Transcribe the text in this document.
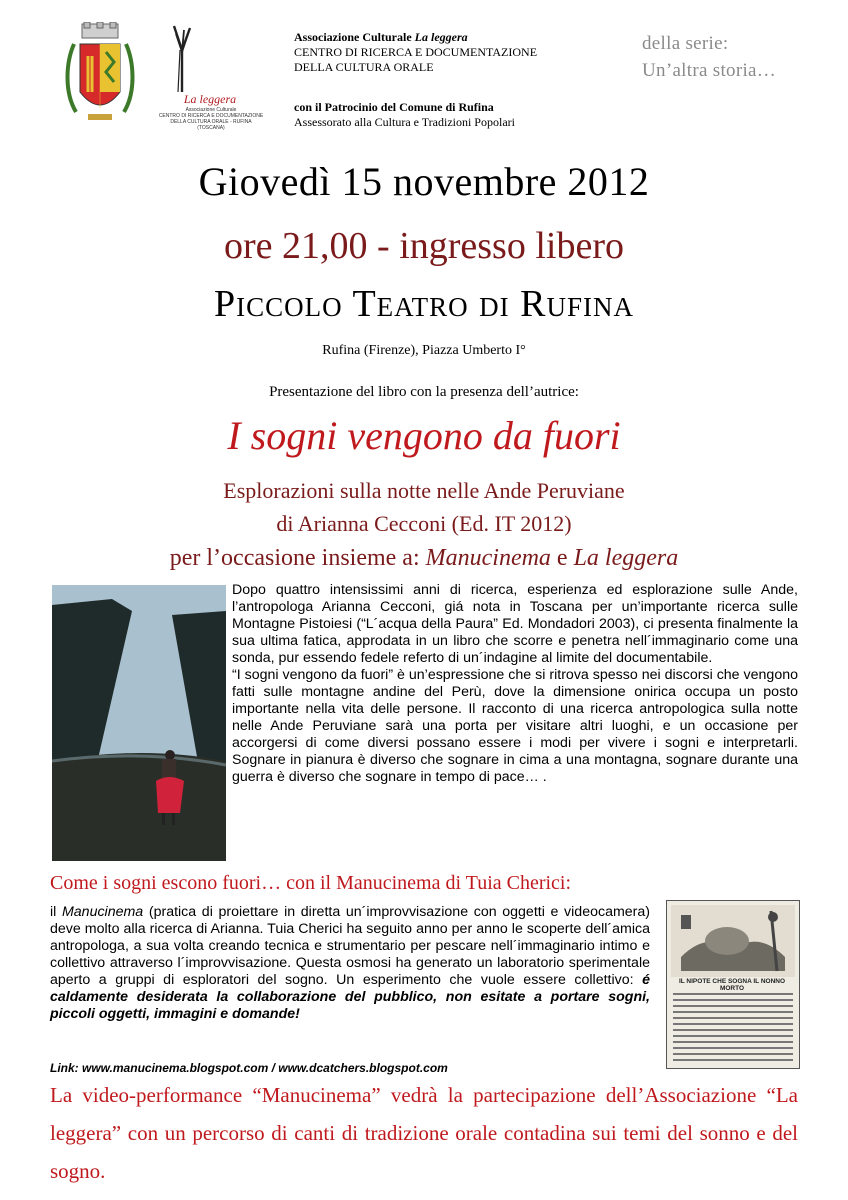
La leggera
Associazione Culturale
CENTRO DI RICERCA E DOCUMENTAZIONE
DELLA CULTURA ORALE - RUFINA (TOSCANA)
Associazione Culturale La leggera
CENTRO DI RICERCA E DOCUMENTAZIONE
DELLA CULTURA ORALE
con il Patrocinio del Comune di Rufina
Assessorato alla Cultura e Tradizioni Popolari
della serie:
Un’altra storia…
Giovedì 15 novembre 2012
ore 21,00 - ingresso libero
Piccolo Teatro di Rufina
Rufina (Firenze), Piazza Umberto I°
Presentazione del libro con la presenza dell’autrice:
I sogni vengono da fuori
Esplorazioni sulla notte nelle Ande Peruviane
di Arianna Cecconi (Ed. IT 2012)
per l’occasione insieme a: Manucinema e La leggera

Dopo quattro intensissimi anni di ricerca, esperienza ed esplorazione sulle Ande, l’antropologa Arianna Cecconi, giá nota in Toscana per un’importante ricerca sulle Montagne Pistoiesi (“L´acqua della Paura” Ed. Mondadori 2003), ci presenta finalmente la sua ultima fatica, approdata in un libro che scorre e penetra nell´immaginario come una sonda, pur essendo fedele referto di un´indagine al limite del documentabile.

“I sogni vengono da fuori” è un’espressione che si ritrova spesso nei discorsi che vengono fatti sulle montagne andine del Perù, dove la dimensione onirica occupa un posto importante nella vita delle persone. Il racconto di una ricerca antropologica sulla notte nelle Ande Peruviane sarà una porta per visitare altri luoghi, e un occasione per accorgersi di come diversi possano essere i modi per vivere i sogni e interpretarli. Sognare in pianura è diverso che sognare in cima a una montagna, sognare durante una guerra è diverso che sognare in tempo di pace… .

Come i sogni escono fuori… con il Manucinema di Tuia Cherici:
il Manucinema (pratica di proiettare in diretta un´improvvisazione con oggetti e videocamera) deve molto alla ricerca di Arianna. Tuia Cherici ha seguito anno per anno le scoperte dell´amica antropologa, a sua volta creando tecnica e strumentario per pescare nell´immaginario intimo e collettivo attraverso l´improvvisazione. Questa osmosi ha generato un laboratorio sperimentale aperto a gruppi di esploratori del sogno. Un esperimento che vuole essere collettivo: é caldamente desiderata la collaborazione del pubblico, non esitate a portare sogni, piccoli oggetti, immagini e domande!
Link: www.manucinema.blogspot.com / www.dcatchers.blogspot.com
IL NIPOTE CHE SOGNA IL NONNO MORTO
La video-performance “Manucinema” vedrà la partecipazione dell’Associazione “La leggera” con un percorso di canti di tradizione orale contadina sui temi del sonno e del sogno.
